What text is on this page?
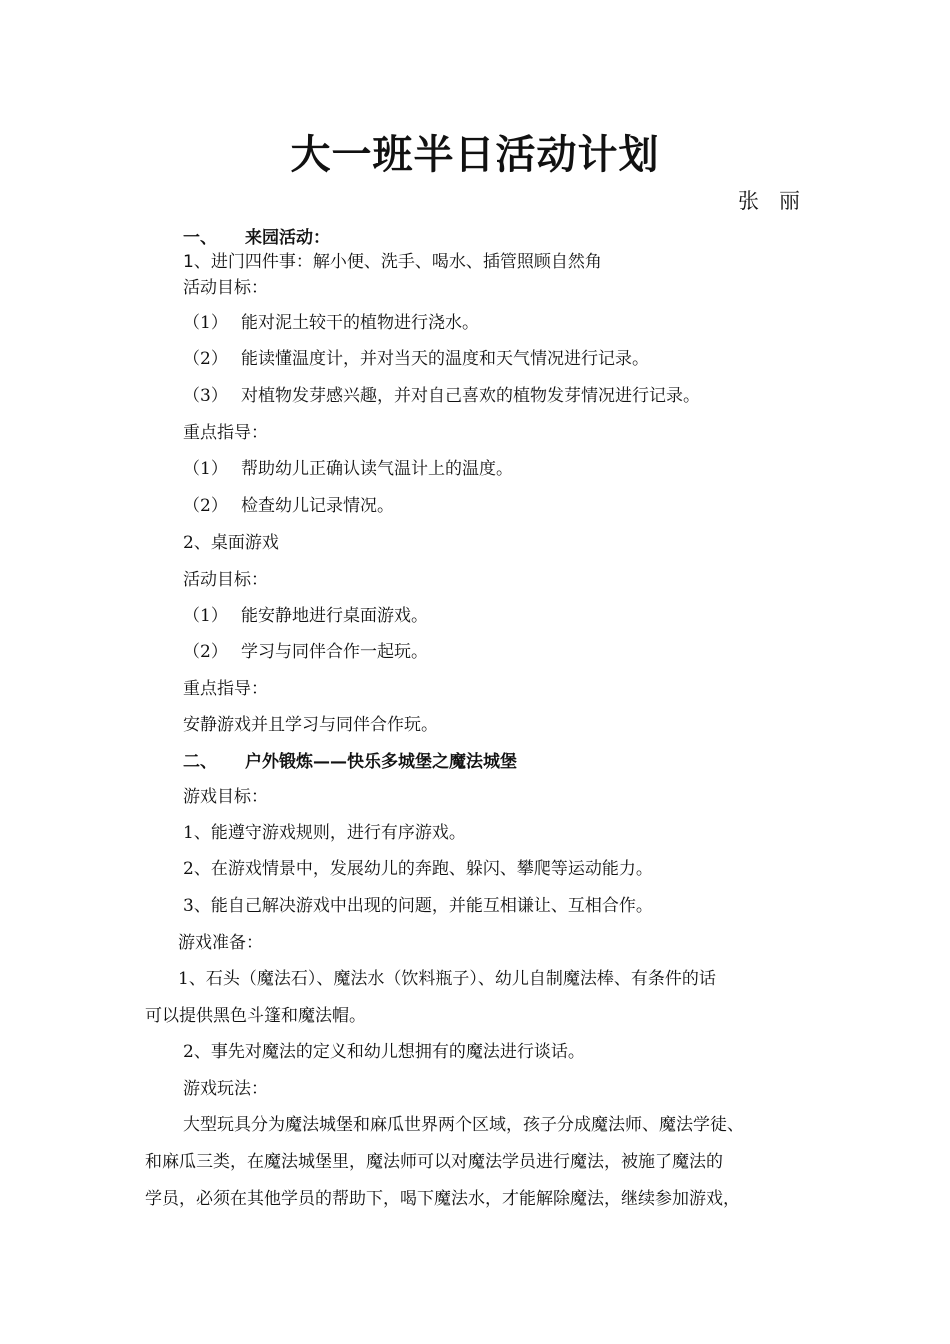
大一班半日活动计划
张 丽
一、 来园活动：
1、进门四件事：解小便、洗手、喝水、插管照顾自然角
活动目标：
（1） 能对泥土较干的植物进行浇水。
（2） 能读懂温度计，并对当天的温度和天气情况进行记录。
（3） 对植物发芽感兴趣，并对自己喜欢的植物发芽情况进行记录。
重点指导：
（1） 帮助幼儿正确认读气温计上的温度。
（2） 检查幼儿记录情况。
2、桌面游戏
活动目标：
（1） 能安静地进行桌面游戏。
（2） 学习与同伴合作一起玩。
重点指导：
安静游戏并且学习与同伴合作玩。
二、 户外锻炼——快乐多城堡之魔法城堡
游戏目标：
1、能遵守游戏规则，进行有序游戏。
2、在游戏情景中，发展幼儿的奔跑、躲闪、攀爬等运动能力。
3、能自己解决游戏中出现的问题，并能互相谦让、互相合作。
游戏准备：
1、石头（魔法石）、魔法水（饮料瓶子）、幼儿自制魔法棒、有条件的话
可以提供黑色斗篷和魔法帽。
2、事先对魔法的定义和幼儿想拥有的魔法进行谈话。
游戏玩法：
大型玩具分为魔法城堡和麻瓜世界两个区域，孩子分成魔法师、魔法学徒、
和麻瓜三类，在魔法城堡里，魔法师可以对魔法学员进行魔法，被施了魔法的
学员，必须在其他学员的帮助下，喝下魔法水，才能解除魔法，继续参加游戏，
